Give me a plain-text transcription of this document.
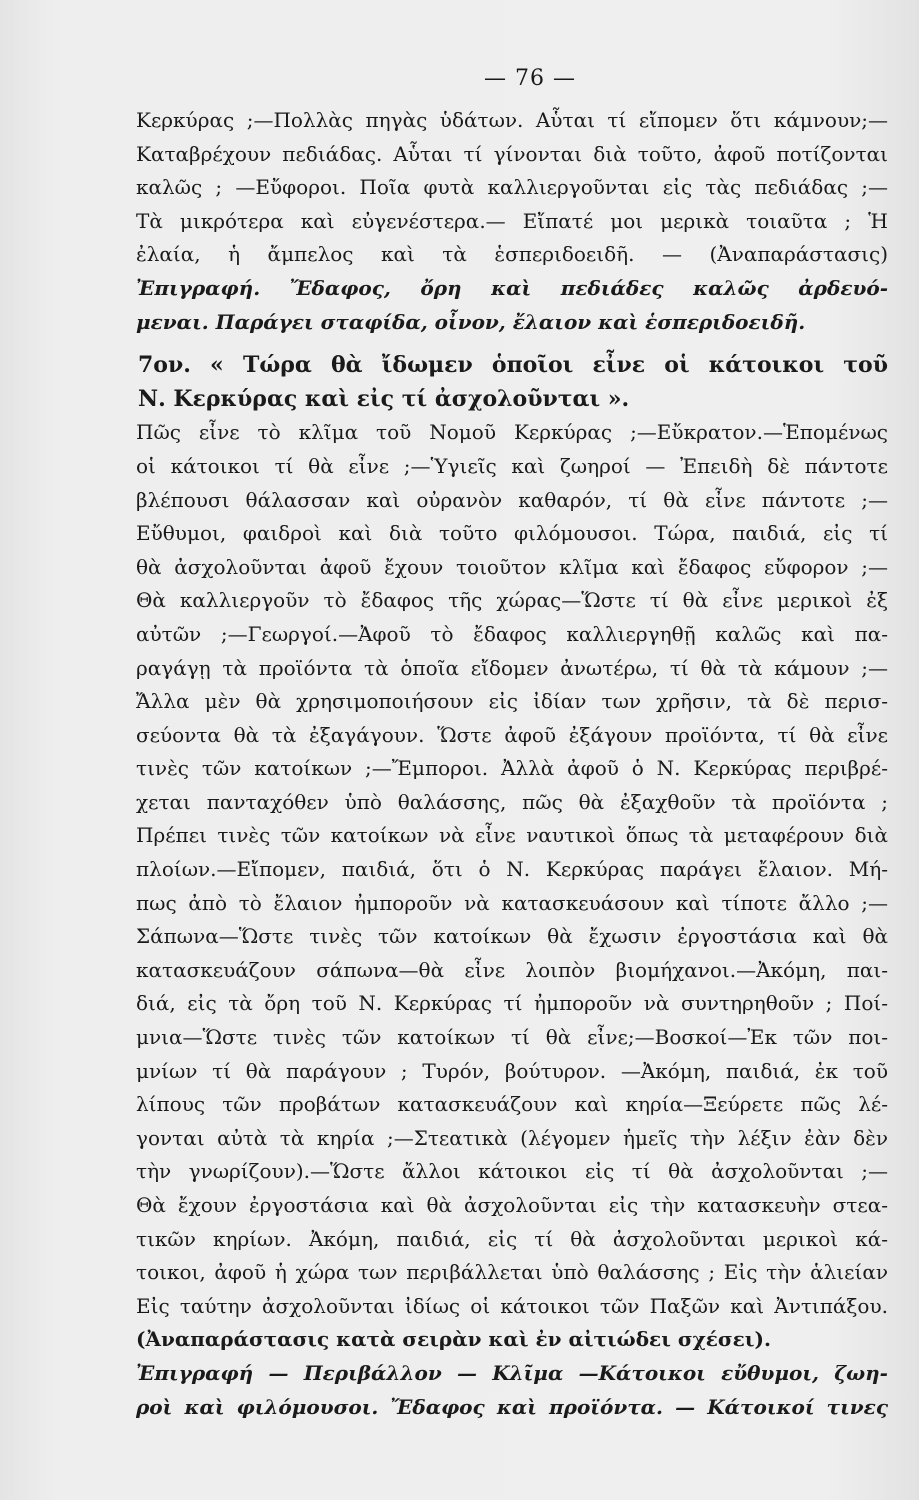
— 76 —
Κερκύρας ;—Πολλὰς πηγὰς ὑδάτων. Αὗται τί εἴπομεν ὅτι κάμνουν;—
Καταβρέχουν πεδιάδας. Αὗται τί γίνονται διὰ τοῦτο, ἀφοῦ ποτίζονται
καλῶς ; —Εὔφοροι. Ποῖα φυτὰ καλλιεργοῦνται εἰς τὰς πεδιάδας ;—
Τὰ μικρότερα καὶ εὐγενέστερα.— Εἴπατέ μοι μερικὰ τοιαῦτα ; Ἡ
ἐλαία, ἡ ἄμπελος καὶ τὰ ἑσπεριδοειδῆ. — (Ἀναπαράστασις)
Ἐπιγραφή. Ἔδαφος, ὄρη καὶ πεδιάδες καλῶς ἀρδευό-
μεναι. Παράγει σταφίδα, οἶνον, ἔλαιον καὶ ἑσπεριδοειδῆ.
7ον. « Τώρα θὰ ἴδωμεν ὁποῖοι εἶνε οἱ κάτοικοι τοῦ
Ν. Κερκύρας καὶ εἰς τί ἀσχολοῦνται ».
Πῶς εἶνε τὸ κλῖμα τοῦ Νομοῦ Κερκύρας ;—Εὔκρατον.—Ἑπομένως
οἱ κάτοικοι τί θὰ εἶνε ;—Ὑγιεῖς καὶ ζωηροί — Ἐπειδὴ δὲ πάντοτε
βλέπουσι θάλασσαν καὶ οὐρανὸν καθαρόν, τί θὰ εἶνε πάντοτε ;—
Εὔθυμοι, φαιδροὶ καὶ διὰ τοῦτο φιλόμουσοι. Τώρα, παιδιά, εἰς τί
θὰ ἀσχολοῦνται ἀφοῦ ἔχουν τοιοῦτον κλῖμα καὶ ἔδαφος εὔφορον ;—
Θὰ καλλιεργοῦν τὸ ἔδαφος τῆς χώρας—Ὥστε τί θὰ εἶνε μερικοὶ ἐξ
αὐτῶν ;—Γεωργοί.—Ἀφοῦ τὸ ἔδαφος καλλιεργηθῇ καλῶς καὶ πα-
ραγάγῃ τὰ προϊόντα τὰ ὁποῖα εἴδομεν ἀνωτέρω, τί θὰ τὰ κάμουν ;—
Ἄλλα μὲν θὰ χρησιμοποιήσουν εἰς ἰδίαν των χρῆσιν, τὰ δὲ περισ-
σεύοντα θὰ τὰ ἐξαγάγουν. Ὥστε ἀφοῦ ἐξάγουν προϊόντα, τί θὰ εἶνε
τινὲς τῶν κατοίκων ;—Ἔμποροι. Ἀλλὰ ἀφοῦ ὁ Ν. Κερκύρας περιβρέ-
χεται πανταχόθεν ὑπὸ θαλάσσης, πῶς θὰ ἐξαχθοῦν τὰ προϊόντα ;
Πρέπει τινὲς τῶν κατοίκων νὰ εἶνε ναυτικοὶ ὅπως τὰ μεταφέρουν διὰ
πλοίων.—Εἴπομεν, παιδιά, ὅτι ὁ Ν. Κερκύρας παράγει ἔλαιον. Μή-
πως ἀπὸ τὸ ἔλαιον ἠμποροῦν νὰ κατασκευάσουν καὶ τίποτε ἄλλο ;—
Σάπωνα—Ὥστε τινὲς τῶν κατοίκων θὰ ἔχωσιν ἐργοστάσια καὶ θὰ
κατασκευάζουν σάπωνα—θὰ εἶνε λοιπὸν βιομήχανοι.—Ἀκόμη, παι-
διά, εἰς τὰ ὄρη τοῦ Ν. Κερκύρας τί ἠμποροῦν νὰ συντηρηθοῦν ; Ποί-
μνια—Ὥστε τινὲς τῶν κατοίκων τί θὰ εἶνε;—Βοσκοί—Ἐκ τῶν ποι-
μνίων τί θὰ παράγουν ; Τυρόν, βούτυρον. —Ἀκόμη, παιδιά, ἐκ τοῦ
λίπους τῶν προβάτων κατασκευάζουν καὶ κηρία—Ξεύρετε πῶς λέ-
γονται αὐτὰ τὰ κηρία ;—Στεατικὰ (λέγομεν ἡμεῖς τὴν λέξιν ἐὰν δὲν
τὴν γνωρίζουν).—Ὥστε ἄλλοι κάτοικοι εἰς τί θὰ ἀσχολοῦνται ;—
Θὰ ἔχουν ἐργοστάσια καὶ θὰ ἀσχολοῦνται εἰς τὴν κατασκευὴν στεα-
τικῶν κηρίων. Ἀκόμη, παιδιά, εἰς τί θὰ ἀσχολοῦνται μερικοὶ κά-
τοικοι, ἀφοῦ ἡ χώρα των περιβάλλεται ὑπὸ θαλάσσης ; Εἰς τὴν ἁλιείαν
Εἰς ταύτην ἀσχολοῦνται ἰδίως οἱ κάτοικοι τῶν Παξῶν καὶ Ἀντιπάξου.
(Ἀναπαράστασις κατὰ σειρὰν καὶ ἐν αἰτιώδει σχέσει).
Ἐπιγραφή — Περιβάλλον — Κλῖμα —Κάτοικοι εὔθυμοι, ζωη-
ροὶ καὶ φιλόμουσοι. Ἔδαφος καὶ προϊόντα. — Κάτοικοί τινες
